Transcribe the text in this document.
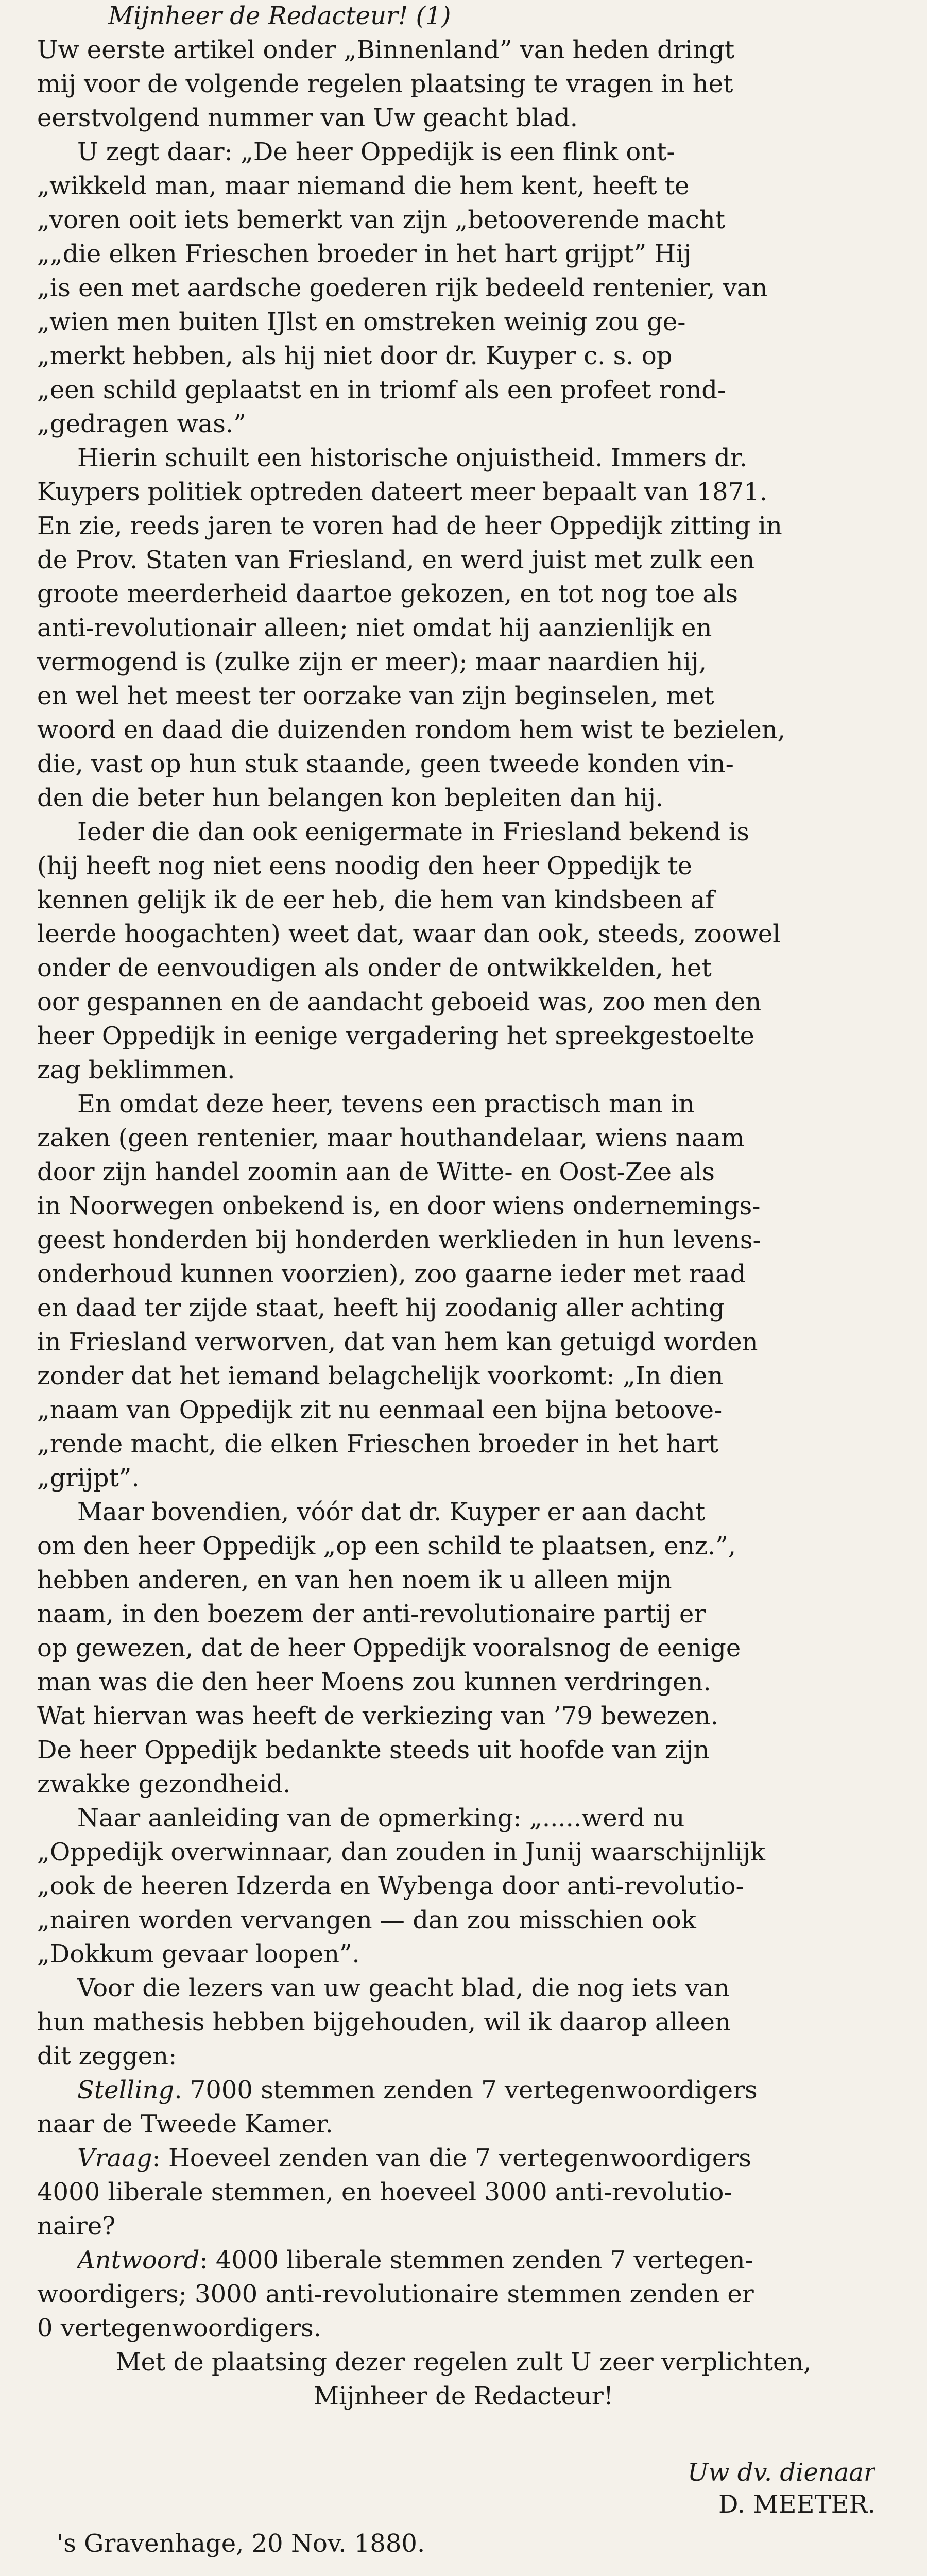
Mijnheer de Redacteur! (1)
Uw eerste artikel onder „Binnenland” van heden dringt
mij voor de volgende regelen plaatsing te vragen in het
eerstvolgend nummer van Uw geacht blad.
U zegt daar: „De heer Oppedijk is een flink ont-
„wikkeld man, maar niemand die hem kent, heeft te
„voren ooit iets bemerkt van zijn „betooverende macht
„„die elken Frieschen broeder in het hart grijpt” Hij
„is een met aardsche goederen rijk bedeeld rentenier, van
„wien men buiten IJlst en omstreken weinig zou ge-
„merkt hebben, als hij niet door dr. Kuyper c. s. op
„een schild geplaatst en in triomf als een profeet rond-
„gedragen was.”
Hierin schuilt een historische onjuistheid. Immers dr.
Kuypers politiek optreden dateert meer bepaalt van 1871.
En zie, reeds jaren te voren had de heer Oppedijk zitting in
de Prov. Staten van Friesland, en werd juist met zulk een
groote meerderheid daartoe gekozen, en tot nog toe als
anti-revolutionair alleen; niet omdat hij aanzienlijk en
vermogend is (zulke zijn er meer); maar naardien hij,
en wel het meest ter oorzake van zijn beginselen, met
woord en daad die duizenden rondom hem wist te bezielen,
die, vast op hun stuk staande, geen tweede konden vin-
den die beter hun belangen kon bepleiten dan hij.
Ieder die dan ook eenigermate in Friesland bekend is
(hij heeft nog niet eens noodig den heer Oppedijk te
kennen gelijk ik de eer heb, die hem van kindsbeen af
leerde hoogachten) weet dat, waar dan ook, steeds, zoowel
onder de eenvoudigen als onder de ontwikkelden, het
oor gespannen en de aandacht geboeid was, zoo men den
heer Oppedijk in eenige vergadering het spreekgestoelte
zag beklimmen.
En omdat deze heer, tevens een practisch man in
zaken (geen rentenier, maar houthandelaar, wiens naam
door zijn handel zoomin aan de Witte- en Oost-Zee als
in Noorwegen onbekend is, en door wiens ondernemings-
geest honderden bij honderden werklieden in hun levens-
onderhoud kunnen voorzien), zoo gaarne ieder met raad
en daad ter zijde staat, heeft hij zoodanig aller achting
in Friesland verworven, dat van hem kan getuigd worden
zonder dat het iemand belagchelijk voorkomt: „In dien
„naam van Oppedijk zit nu eenmaal een bijna betoove-
„rende macht, die elken Frieschen broeder in het hart
„grijpt”.
Maar bovendien, vóór dat dr. Kuyper er aan dacht
om den heer Oppedijk „op een schild te plaatsen, enz.”,
hebben anderen, en van hen noem ik u alleen mijn
naam, in den boezem der anti-revolutionaire partij er
op gewezen, dat de heer Oppedijk vooralsnog de eenige
man was die den heer Moens zou kunnen verdringen.
Wat hiervan was heeft de verkiezing van ’79 bewezen.
De heer Oppedijk bedankte steeds uit hoofde van zijn
zwakke gezondheid.
Naar aanleiding van de opmerking: „.....werd nu
„Oppedijk overwinnaar, dan zouden in Junij waarschijnlijk
„ook de heeren Idzerda en Wybenga door anti-revolutio-
„nairen worden vervangen — dan zou misschien ook
„Dokkum gevaar loopen”.
Voor die lezers van uw geacht blad, die nog iets van
hun mathesis hebben bijgehouden, wil ik daarop alleen
dit zeggen:
Stelling. 7000 stemmen zenden 7 vertegenwoordigers
naar de Tweede Kamer.
Vraag: Hoeveel zenden van die 7 vertegenwoordigers
4000 liberale stemmen, en hoeveel 3000 anti-revolutio-
naire?
Antwoord: 4000 liberale stemmen zenden 7 vertegen-
woordigers; 3000 anti-revolutionaire stemmen zenden er
0 vertegenwoordigers.
Met de plaatsing dezer regelen zult U zeer verplichten,
Mijnheer de Redacteur!
Uw dv. dienaar
D. MEETER.
's Gravenhage, 20 Nov. 1880.
